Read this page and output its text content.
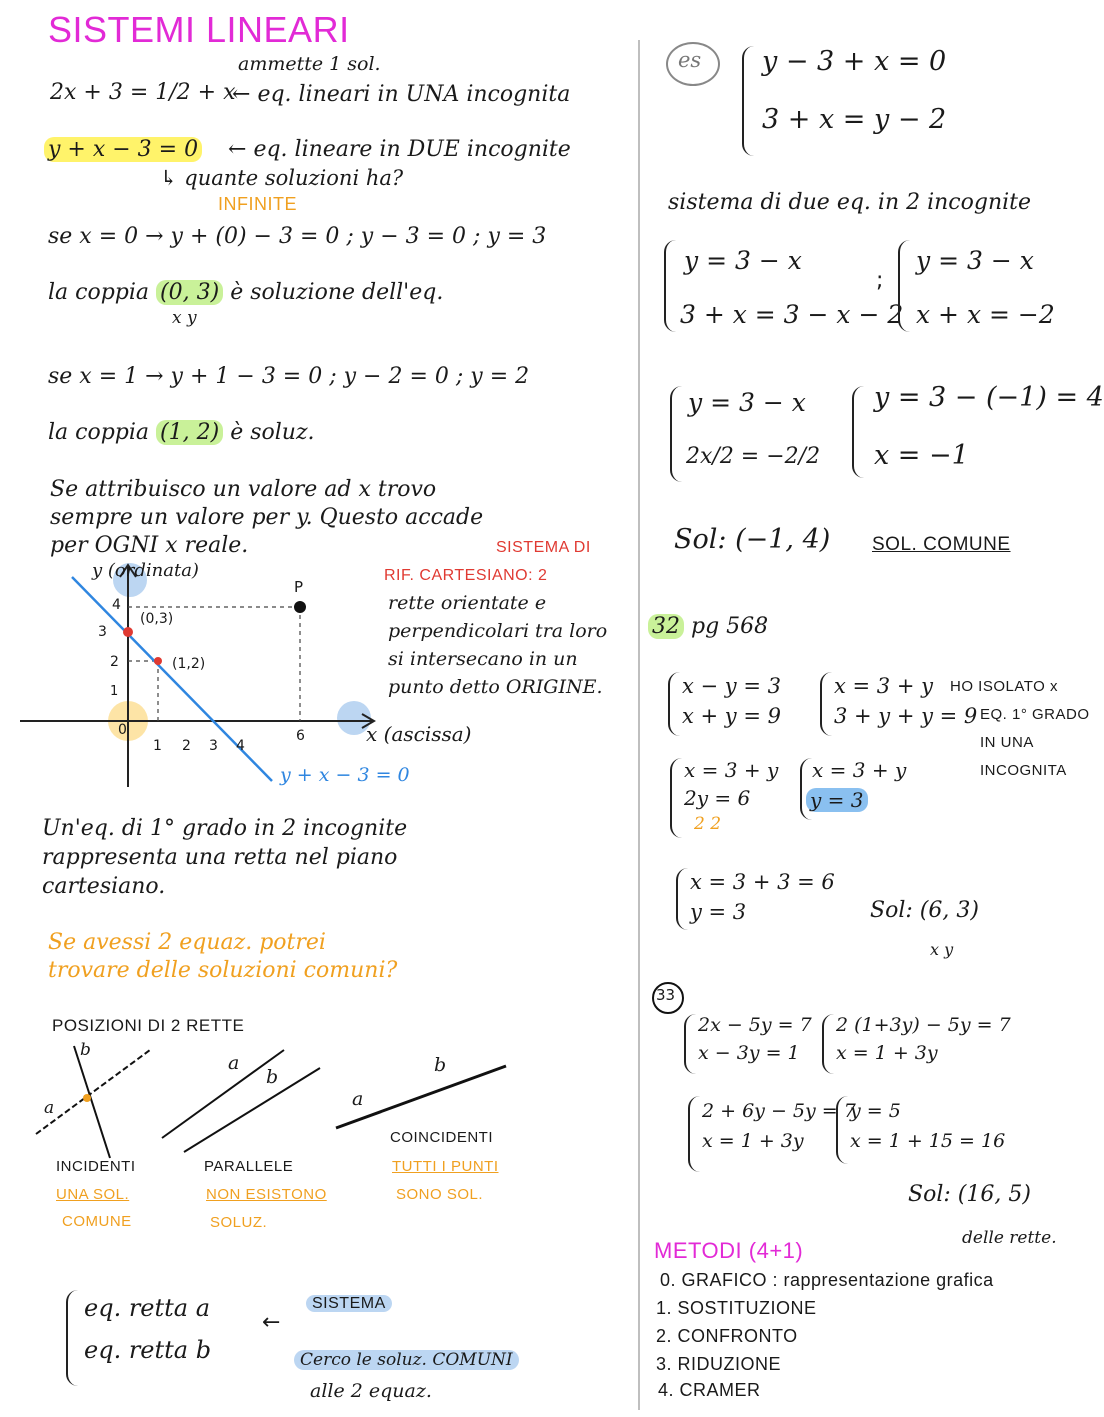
SISTEMI LINEARI
2x + 3 = 1/2 + x
ammette 1 sol.
← eq. lineari in UNA incognita
y + x − 3 = 0 ← eq. lineare in DUE incognite
↳ quante soluzioni ha?
INFINITE
se x = 0 → y + (0) − 3 = 0 ; y − 3 = 0 ; y = 3
la coppia (0, 3) è soluzione dell'eq.
x y
se x = 1 → y + 1 − 3 = 0 ; y − 2 = 0 ; y = 2
la coppia (1, 2) è soluz.
Se attribuisco un valore ad x trovo
sempre un valore per y. Questo accade
per OGNI x reale.
y (ordinata)
x (ascissa)
y + x − 3 = 0
P
(0,3)
(1,2)
0
1 2 3 4
6
1
2
3
4
SISTEMA DI
RIF. CARTESIANO: 2
rette orientate e
perpendicolari tra loro
si intersecano in un
punto detto ORIGINE.
Un'eq. di 1° grado in 2 incognite
rappresenta una retta nel piano
cartesiano.
Se avessi 2 equaz. potrei
trovare delle soluzioni comuni?
POSIZIONI DI 2 RETTE
a
b
a
b
a
b
INCIDENTI
UNA SOL.
COMUNE
PARALLELE
NON ESISTONO
SOLUZ.
COINCIDENTI
TUTTI I PUNTI
SONO SOL.
eq. retta a
eq. retta b
←
SISTEMA
Cerco le soluz. COMUNI
alle 2 equaz.
es y − 3 + x = 0
3 + x = y − 2
sistema di due eq. in 2 incognite
y = 3 − x
3 + x = 3 − x − 2
;
y = 3 − x
x + x = −2
y = 3 − x
2x/2 = −2/2
y = 3 − (−1) = 4
x = −1
Sol: (−1, 4) SOL. COMUNE
32 pg 568
x − y = 3
x + y = 9
x = 3 + y
3 + y + y = 9
HO ISOLATO x
EQ. 1° GRADO
IN UNA
INCOGNITA
x = 3 + y
2y = 6
2 2
x = 3 + y
y = 3
x = 3 + 3 = 6
y = 3	Sol: (6, 3)
x y
33
2x − 5y = 7
x − 3y = 1
2 (1+3y) − 5y = 7
x = 1 + 3y
2 + 6y − 5y = 7
x = 1 + 3y
y = 5
x = 1 + 15 = 16
Sol: (16, 5)
METODI (4+1)	delle rette.
0. GRAFICO : rappresentazione grafica
1. SOSTITUZIONE
2. CONFRONTO
3. RIDUZIONE
4. CRAMER
